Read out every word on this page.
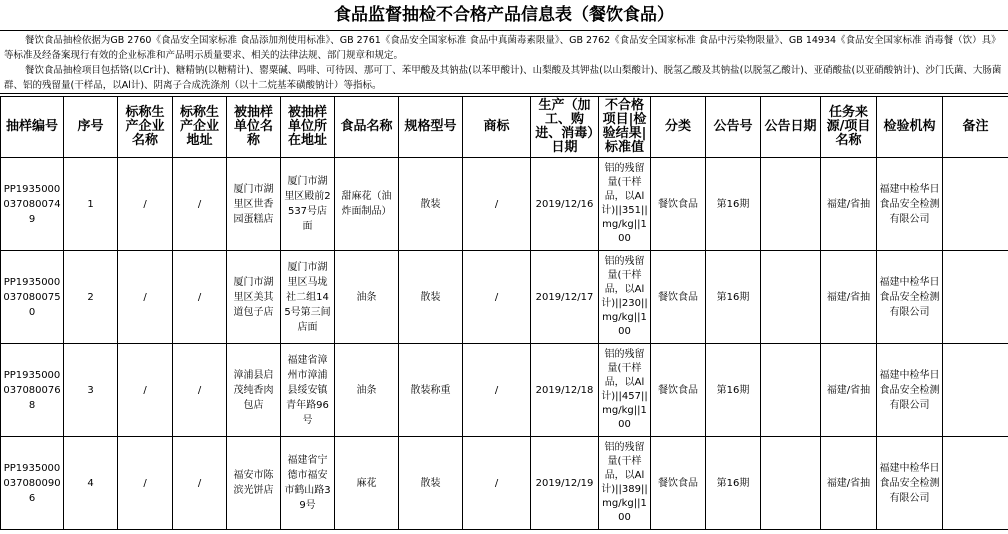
食品监督抽检不合格产品信息表（餐饮食品）

餐饮食品抽检依据为GB 2760《食品安全国家标准 食品添加剂使用标准》、GB 2761《食品安全国家标准 食品中真菌毒素限量》、GB 2762《食品安全国家标准 食品中污染物限量》、GB 14934《食品安全国家标准 消毒餐（饮）具》等标准及经备案现行有效的企业标准和产品明示质量要求、相关的法律法规、部门规章和规定。

餐饮食品抽检项目包括铬(以Cr计)、糖精钠(以糖精计)、罂粟碱、吗啡、可待因、那可丁、苯甲酸及其钠盐(以苯甲酸计)、山梨酸及其钾盐(以山梨酸计)、脱氢乙酸及其钠盐(以脱氢乙酸计)、亚硝酸盐(以亚硝酸钠计)、沙门氏菌、大肠菌群、铝的残留量(干样品，以Al计)、阴离子合成洗涤剂（以十二烷基苯磺酸钠计）等指标。

抽样编号	序号	标称生产企业名称	标称生产企业地址	被抽样单位名称	被抽样单位所在地址	食品名称	规格型号	商标	生产（加工、购进、消毒）日期	不合格项目|检验结果|标准值	分类	公告号	公告日期	任务来源/项目名称	检验机构	备注
PP19350000370800749	1	/	/	厦门市湖里区世香园蛋糕店	厦门市湖里区殿前2537号店面	甜麻花（油炸面制品）	散装	/	2019/12/16	铝的残留量(干样品，以Al计)||351||mg/kg||100	餐饮食品	第16期		福建/省抽	福建中检华日食品安全检测有限公司	
PP19350000370800750	2	/	/	厦门市湖里区美其道包子店	厦门市湖里区马垅社二组145号第三间店面	油条	散装	/	2019/12/17	铝的残留量(干样品，以Al计)||230||mg/kg||100	餐饮食品	第16期		福建/省抽	福建中检华日食品安全检测有限公司	
PP19350000370800768	3	/	/	漳浦县启茂纯香肉包店	福建省漳州市漳浦县绥安镇青年路96号	油条	散装称重	/	2019/12/18	铝的残留量(干样品，以Al计)||457||mg/kg||100	餐饮食品	第16期		福建/省抽	福建中检华日食品安全检测有限公司	
PP19350000370800906	4	/	/	福安市陈滨光饼店	福建省宁德市福安市鹤山路39号	麻花	散装	/	2019/12/19	铝的残留量(干样品，以Al计)||389||mg/kg||100	餐饮食品	第16期		福建/省抽	福建中检华日食品安全检测有限公司	
